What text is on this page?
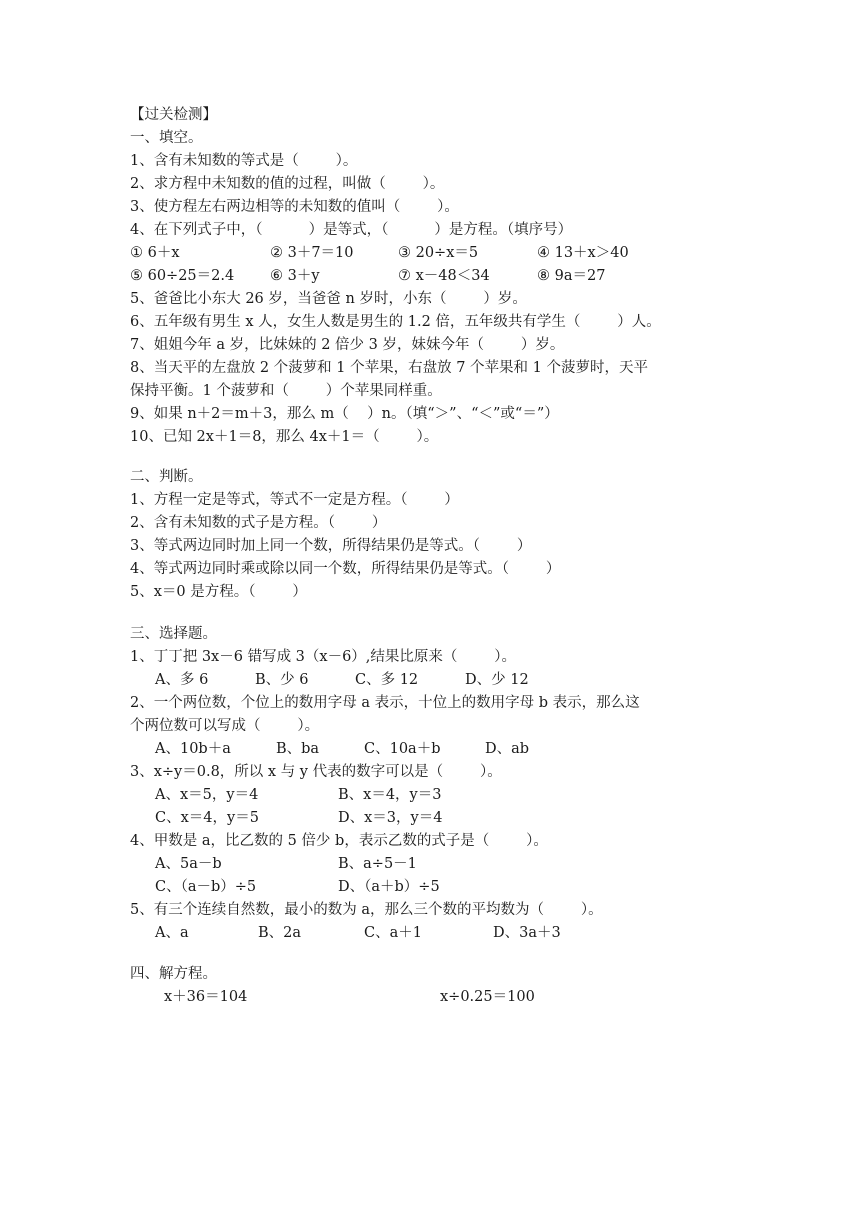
【过关检测】
一、填空。
1、含有未知数的等式是（        ）。
2、求方程中未知数的值的过程，叫做（        ）。
3、使方程左右两边相等的未知数的值叫（        ）。
4、在下列式子中，（          ）是等式，（          ）是方程。（填序号）
① 6＋x	② 3＋7＝10	③ 20÷x＝5	④ 13＋x＞40
⑤ 60÷25＝2.4 ⑥ 3＋y	⑦ x－48＜34	⑧ 9a＝27
5、爸爸比小东大 26 岁，当爸爸 n 岁时，小东（        ）岁。
6、五年级有男生 x 人，女生人数是男生的 1.2 倍，五年级共有学生（        ）人。
7、姐姐今年 a 岁，比妹妹的 2 倍少 3 岁，妹妹今年（        ）岁。
8、当天平的左盘放 2 个菠萝和 1 个苹果，右盘放 7 个苹果和 1 个菠萝时，天平
保持平衡。1 个菠萝和（        ）个苹果同样重。
9、如果 n＋2＝m＋3，那么 m（    ）n。（填“＞”、“＜”或“＝”）
10、已知 2x＋1＝8，那么 4x＋1＝（        ）。
二、判断。
1、方程一定是等式，等式不一定是方程。（        ）
2、含有未知数的式子是方程。（        ）
3、等式两边同时加上同一个数，所得结果仍是等式。（        ）
4、等式两边同时乘或除以同一个数，所得结果仍是等式。（        ）
5、x＝0 是方程。（        ）
三、选择题。
1、丁丁把 3x－6 错写成 3（x－6）,结果比原来（        ）。
A、多 6	B、少 6	C、多 12	D、少 12
2、一个两位数，个位上的数用字母 a 表示，十位上的数用字母 b 表示，那么这
个两位数可以写成（        ）。
A、10b＋a	B、ba	C、10a＋b	D、ab
3、x÷y＝0.8，所以 x 与 y 代表的数字可以是（        ）。
A、x＝5，y＝4	B、x＝4，y＝3
C、x＝4，y＝5	D、x＝3，y＝4
4、甲数是 a，比乙数的 5 倍少 b，表示乙数的式子是（        ）。
A、5a－b	B、a÷5－1
C、（a－b）÷5	D、（a＋b）÷5
5、有三个连续自然数，最小的数为 a，那么三个数的平均数为（        ）。
A、a	B、2a	C、a＋1	D、3a＋3
四、解方程。
x＋36＝104	x÷0.25＝100
